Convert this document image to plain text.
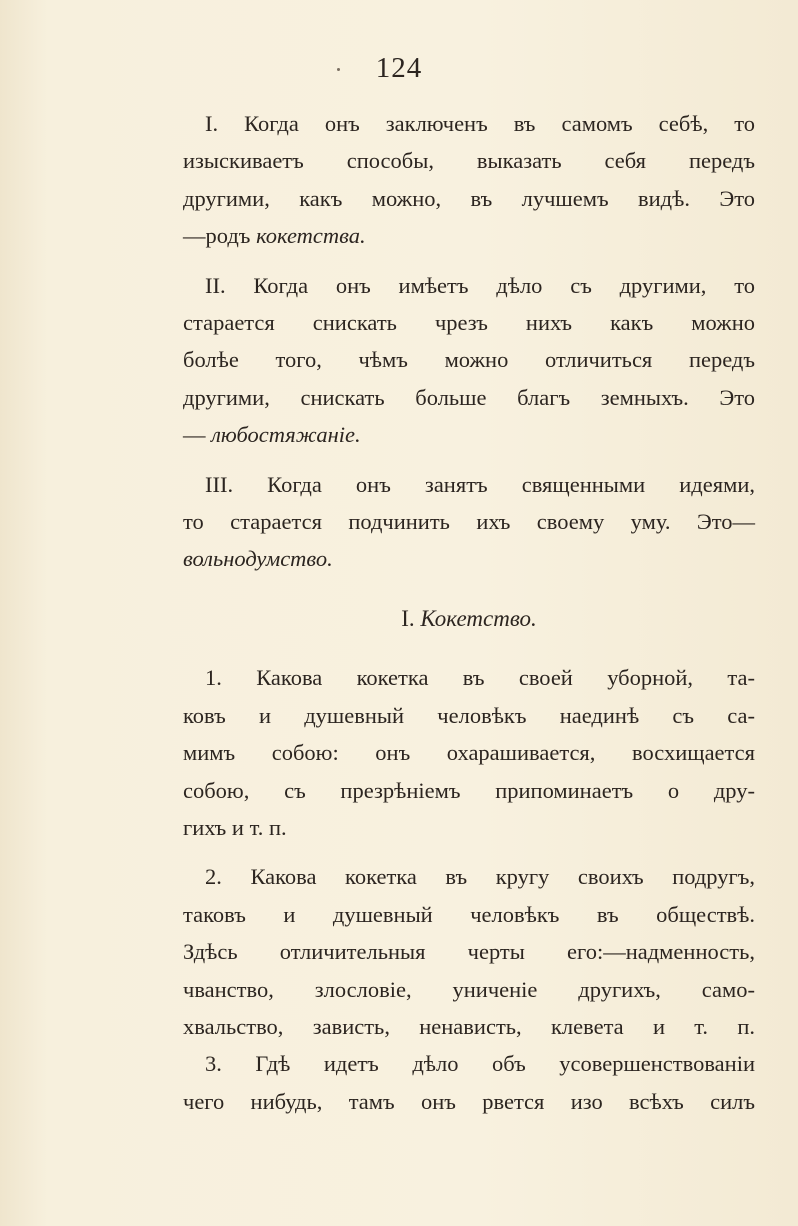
124
I. Когда онъ заключенъ въ самомъ себѣ, то
изыскиваетъ способы, выказать себя передъ
другими, какъ можно, въ лучшемъ видѣ. Это
—родъ кокетства.
II. Когда онъ имѣетъ дѣло съ другими, то
старается снискать чрезъ нихъ какъ можно
болѣе того, чѣмъ можно отличиться передъ
другими, снискать больше благъ земныхъ. Это
— любостяжаніе.
III. Когда онъ занятъ священными идеями,
то старается подчинить ихъ своему уму. Это—
вольнодумство.

I. Кокетство.

1. Какова кокетка въ своей уборной, та-
ковъ и душевный человѣкъ наединѣ съ са-
мимъ собою: онъ охарашивается, восхищается
собою, съ презрѣніемъ припоминаетъ о дру-
гихъ и т. п.
2. Какова кокетка въ кругу своихъ подругъ,
таковъ и душевный человѣкъ въ обществѣ.
Здѣсь отличительныя черты его:—надменность,
чванство, злословіе, униченіе другихъ, само-
хвальство, зависть, ненависть, клевета и т. п.
3. Гдѣ идетъ дѣло объ усовершенствованіи
чего нибудь, тамъ онъ рвется изо всѣхъ силъ
